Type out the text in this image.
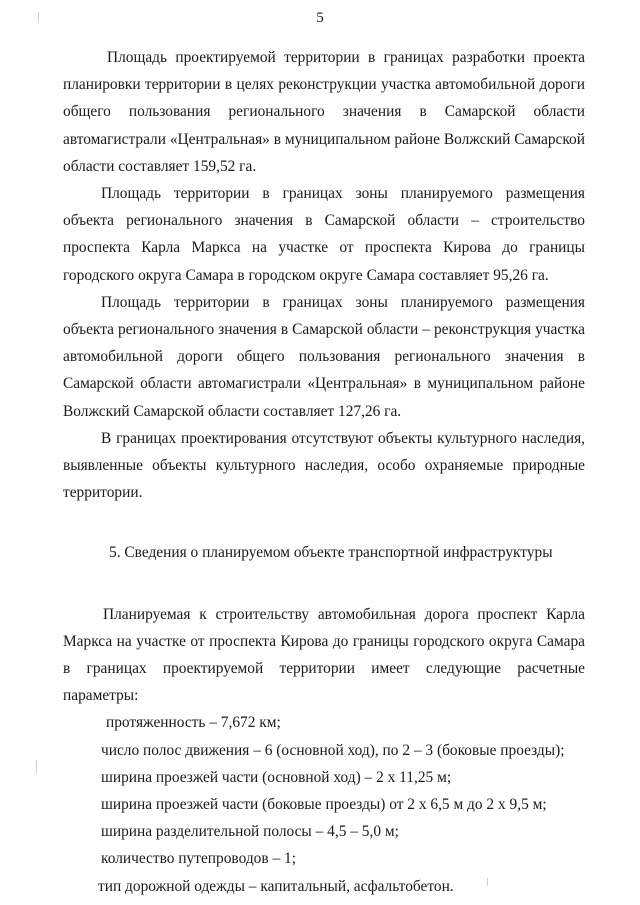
5

Площадь проектируемой территории в границах разработки проекта планировки территории в целях реконструкции участка автомобильной дороги общего пользования регионального значения в Самарской области автомагистрали «Центральная» в муниципальном районе Волжский Самарской области составляет 159,52 га.

Площадь территории в границах зоны планируемого размещения объекта регионального значения в Самарской области – строительство проспекта Карла Маркса на участке от проспекта Кирова до границы городского округа Самара в городском округе Самара составляет 95,26 га.

Площадь территории в границах зоны планируемого размещения объекта регионального значения в Самарской области – реконструкция участка автомобильной дороги общего пользования регионального значения в Самарской области автомагистрали «Центральная» в муниципальном районе Волжский Самарской области составляет 127,26 га.

В границах проектирования отсутствуют объекты культурного наследия, выявленные объекты культурного наследия, особо охраняемые природные территории.

5. Сведения о планируемом объекте транспортной инфраструктуры

Планируемая к строительству автомобильная дорога проспект Карла Маркса на участке от проспекта Кирова до границы городского округа Самара в границах проектируемой территории имеет следующие расчетные параметры:

протяженность – 7,672 км;

число полос движения – 6 (основной ход), по 2 – 3 (боковые проезды);

ширина проезжей части (основной ход) – 2 х 11,25 м;

ширина проезжей части (боковые проезды) от 2 х 6,5 м до 2 х 9,5 м;

ширина разделительной полосы – 4,5 – 5,0 м;

количество путепроводов – 1;

тип дорожной одежды – капитальный, асфальтобетон.
